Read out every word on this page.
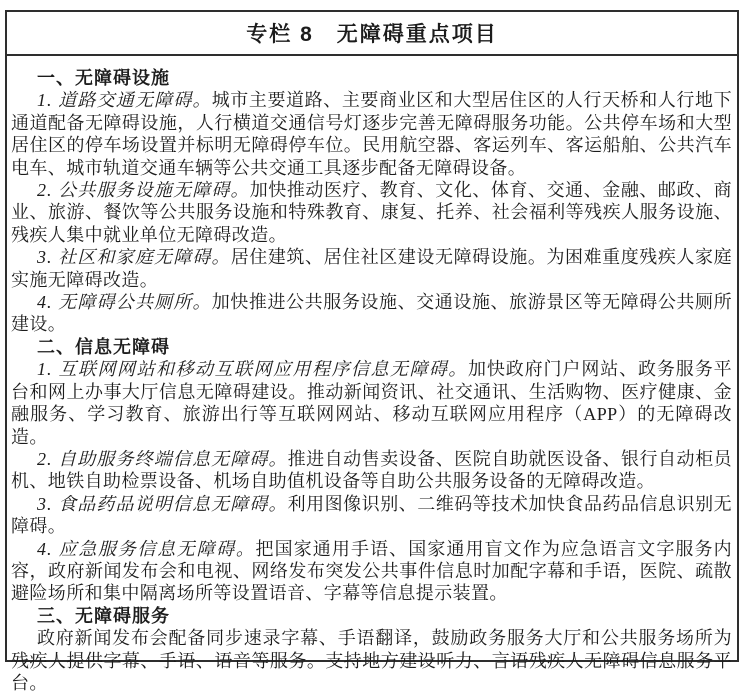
专栏 8　无障碍重点项目
一、无障碍设施

1. 道路交通无障碍。城市主要道路、主要商业区和大型居住区的人行天桥和人行地下通道配备无障碍设施，人行横道交通信号灯逐步完善无障碍服务功能。公共停车场和大型居住区的停车场设置并标明无障碍停车位。民用航空器、客运列车、客运船舶、公共汽车电车、城市轨道交通车辆等公共交通工具逐步配备无障碍设备。

2. 公共服务设施无障碍。加快推动医疗、教育、文化、体育、交通、金融、邮政、商业、旅游、餐饮等公共服务设施和特殊教育、康复、托养、社会福利等残疾人服务设施、残疾人集中就业单位无障碍改造。

3. 社区和家庭无障碍。居住建筑、居住社区建设无障碍设施。为困难重度残疾人家庭实施无障碍改造。

4. 无障碍公共厕所。加快推进公共服务设施、交通设施、旅游景区等无障碍公共厕所建设。

二、信息无障碍

1. 互联网网站和移动互联网应用程序信息无障碍。加快政府门户网站、政务服务平台和网上办事大厅信息无障碍建设。推动新闻资讯、社交通讯、生活购物、医疗健康、金融服务、学习教育、旅游出行等互联网网站、移动互联网应用程序（APP）的无障碍改造。

2. 自助服务终端信息无障碍。推进自动售卖设备、医院自助就医设备、银行自动柜员机、地铁自助检票设备、机场自助值机设备等自助公共服务设备的无障碍改造。

3. 食品药品说明信息无障碍。利用图像识别、二维码等技术加快食品药品信息识别无障碍。

4. 应急服务信息无障碍。把国家通用手语、国家通用盲文作为应急语言文字服务内容，政府新闻发布会和电视、网络发布突发公共事件信息时加配字幕和手语，医院、疏散避险场所和集中隔离场所等设置语音、字幕等信息提示装置。

三、无障碍服务

政府新闻发布会配备同步速录字幕、手语翻译，鼓励政务服务大厅和公共服务场所为残疾人提供字幕、手语、语音等服务。支持地方建设听力、言语残疾人无障碍信息服务平台。
